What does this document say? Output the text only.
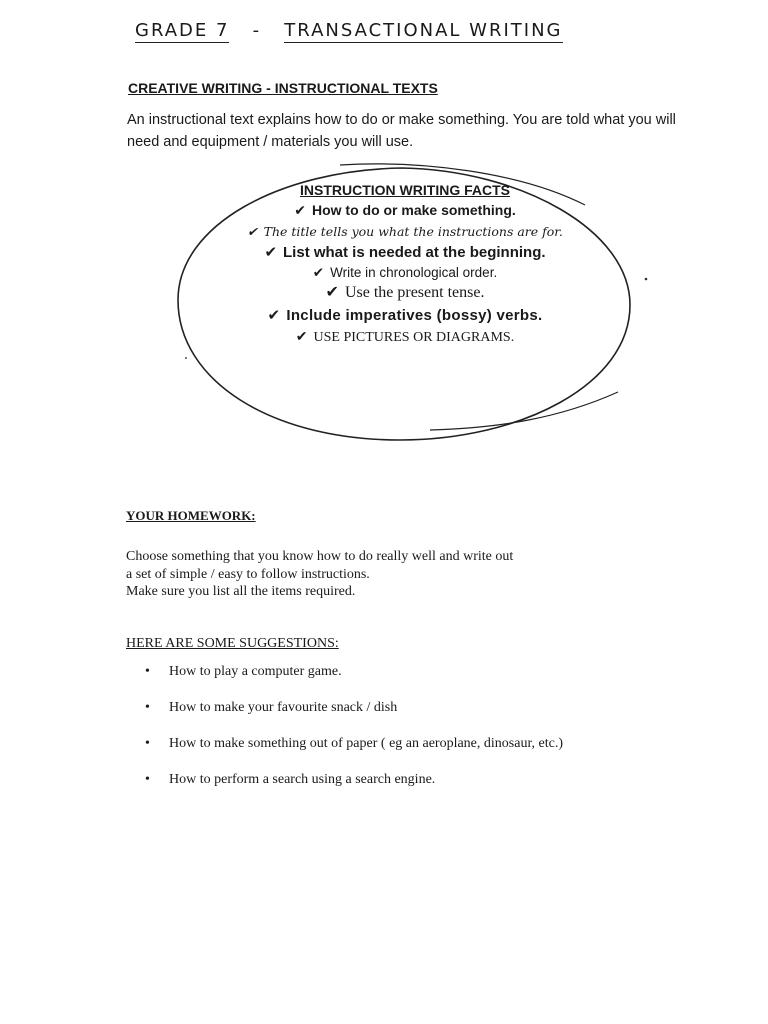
GRADE 7 - TRANSACTIONAL WRITING
CREATIVE WRITING - INSTRUCTIONAL TEXTS

An instructional text explains how to do or make something. You are told what you will need and equipment / materials you will use.

INSTRUCTION WRITING FACTS
✔ How to do or make something.
✔ The title tells you what the instructions are for.
✔ List what is needed at the beginning.
✔ Write in chronological order.
✔ Use the present tense.
✔ Include imperatives (bossy) verbs.
✔ USE PICTURES OR DIAGRAMS.
YOUR HOMEWORK:
Choose something that you know how to do really well and write out
a set of simple / easy to follow instructions.
Make sure you list all the items required.
HERE ARE SOME SUGGESTIONS:
• How to play a computer game.
• How to make your favourite snack / dish
• How to make something out of paper ( eg an aeroplane, dinosaur, etc.)
• How to perform a search using a search engine.
